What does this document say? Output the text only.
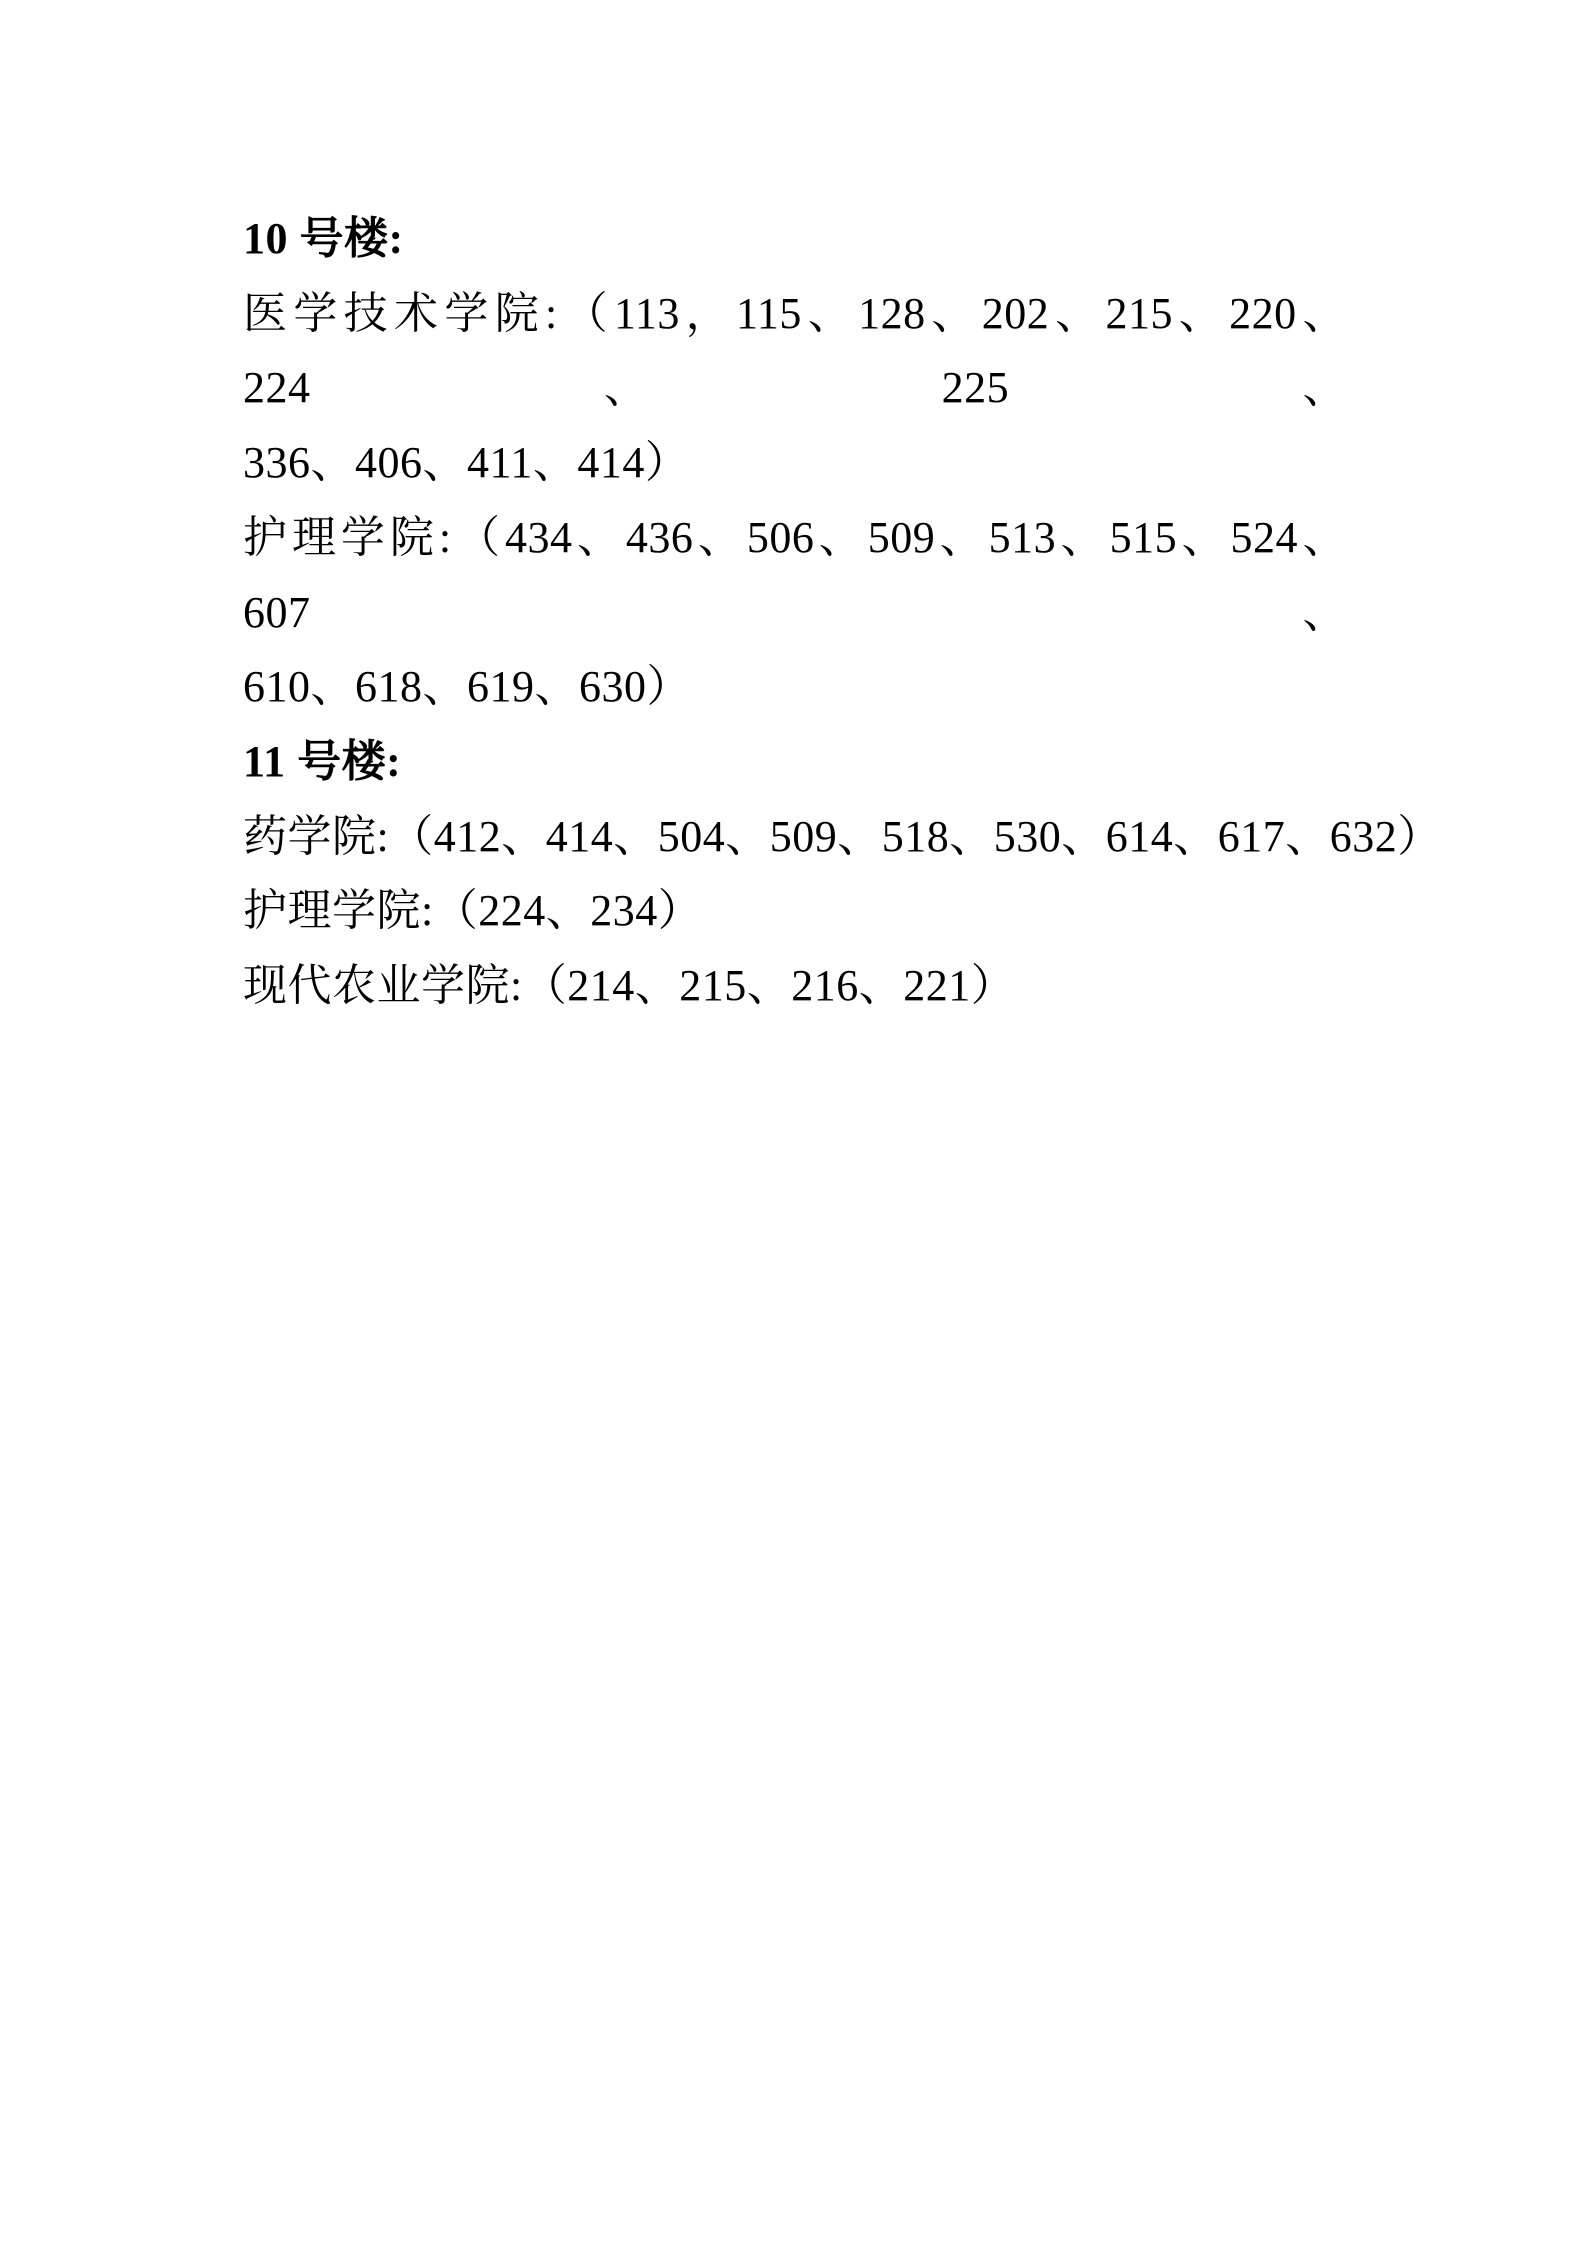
10 号楼:
医学技术学院:（113，115、128、202、215、220、224、225、
336、406、411、414）
护理学院:（434、436、506、509、513、515、524、607、
610、618、619、630）
11 号楼:
药学院:（412、414、504、509、518、530、614、617、632）
护理学院:（224、234）
现代农业学院:（214、215、216、221）
